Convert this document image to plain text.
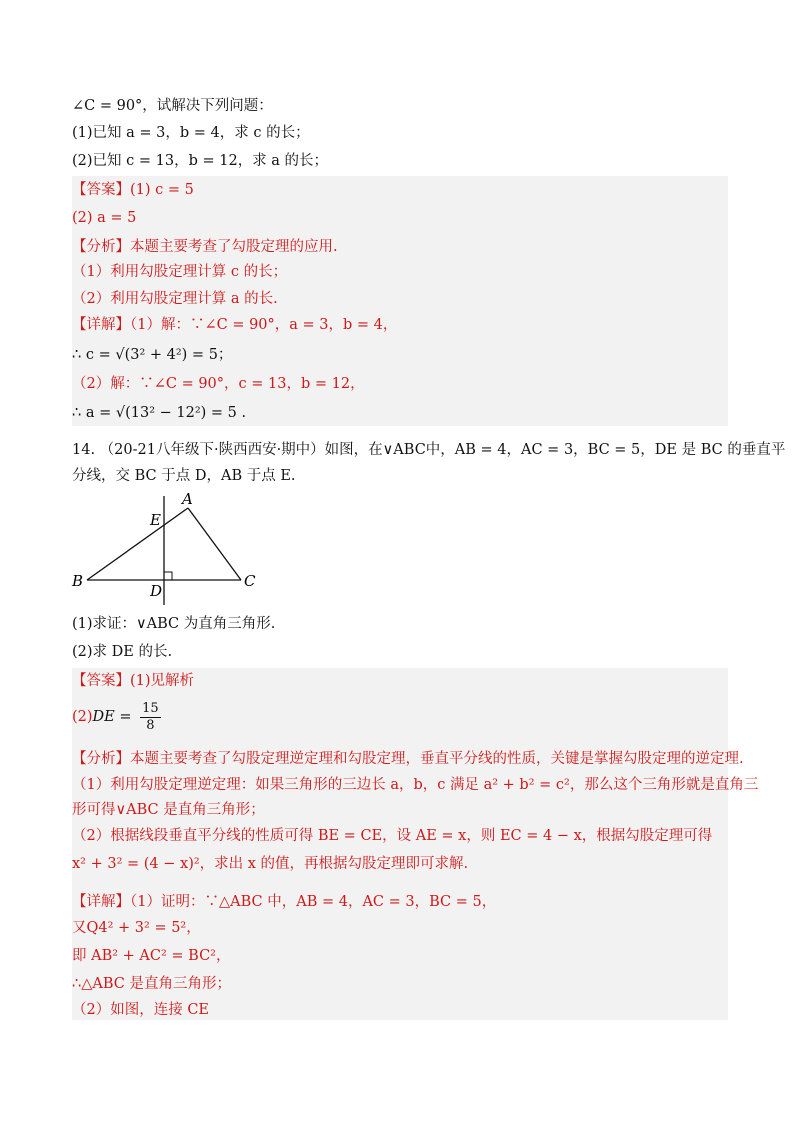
∠C = 90°，试解决下列问题：
(1)已知 a = 3，b = 4，求 c 的长；
(2)已知 c = 13，b = 12，求 a 的长；
【答案】(1) c = 5
(2) a = 5
【分析】本题主要考查了勾股定理的应用.
（1）利用勾股定理计算 c 的长；
（2）利用勾股定理计算 a 的长.
【详解】（1）解：∵∠C = 90°，a = 3，b = 4，
∴ c = √(3² + 4²) = 5；
（2）解：∵∠C = 90°，c = 13，b = 12，
∴ a = √(13² − 12²) = 5 .
14. （20-21八年级下·陕西西安·期中）如图，在∨ABC中，AB = 4，AC = 3，BC = 5，DE 是 BC 的垂直平
分线，交 BC 于点 D，AB 于点 E.
A
E
B	C
D
(1)求证：∨ABC 为直角三角形.
(2)求 DE 的长.
【答案】(1)见解析
$(2)DE = \frac{15}{8}$
【分析】本题主要考查了勾股定理逆定理和勾股定理，垂直平分线的性质，关键是掌握勾股定理的逆定理.
（1）利用勾股定理逆定理：如果三角形的三边长 a，b，c 满足 a² + b² = c²，那么这个三角形就是直角三
形可得∨ABC 是直角三角形；
（2）根据线段垂直平分线的性质可得 BE = CE，设 AE = x，则 EC = 4 − x，根据勾股定理可得
x² + 3² = (4 − x)²，求出 x 的值，再根据勾股定理即可求解.
【详解】（1）证明：∵△ABC 中，AB = 4，AC = 3，BC = 5，
又Q4² + 3² = 5²，
即 AB² + AC² = BC²，
∴△ABC 是直角三角形；
（2）如图，连接 CE
